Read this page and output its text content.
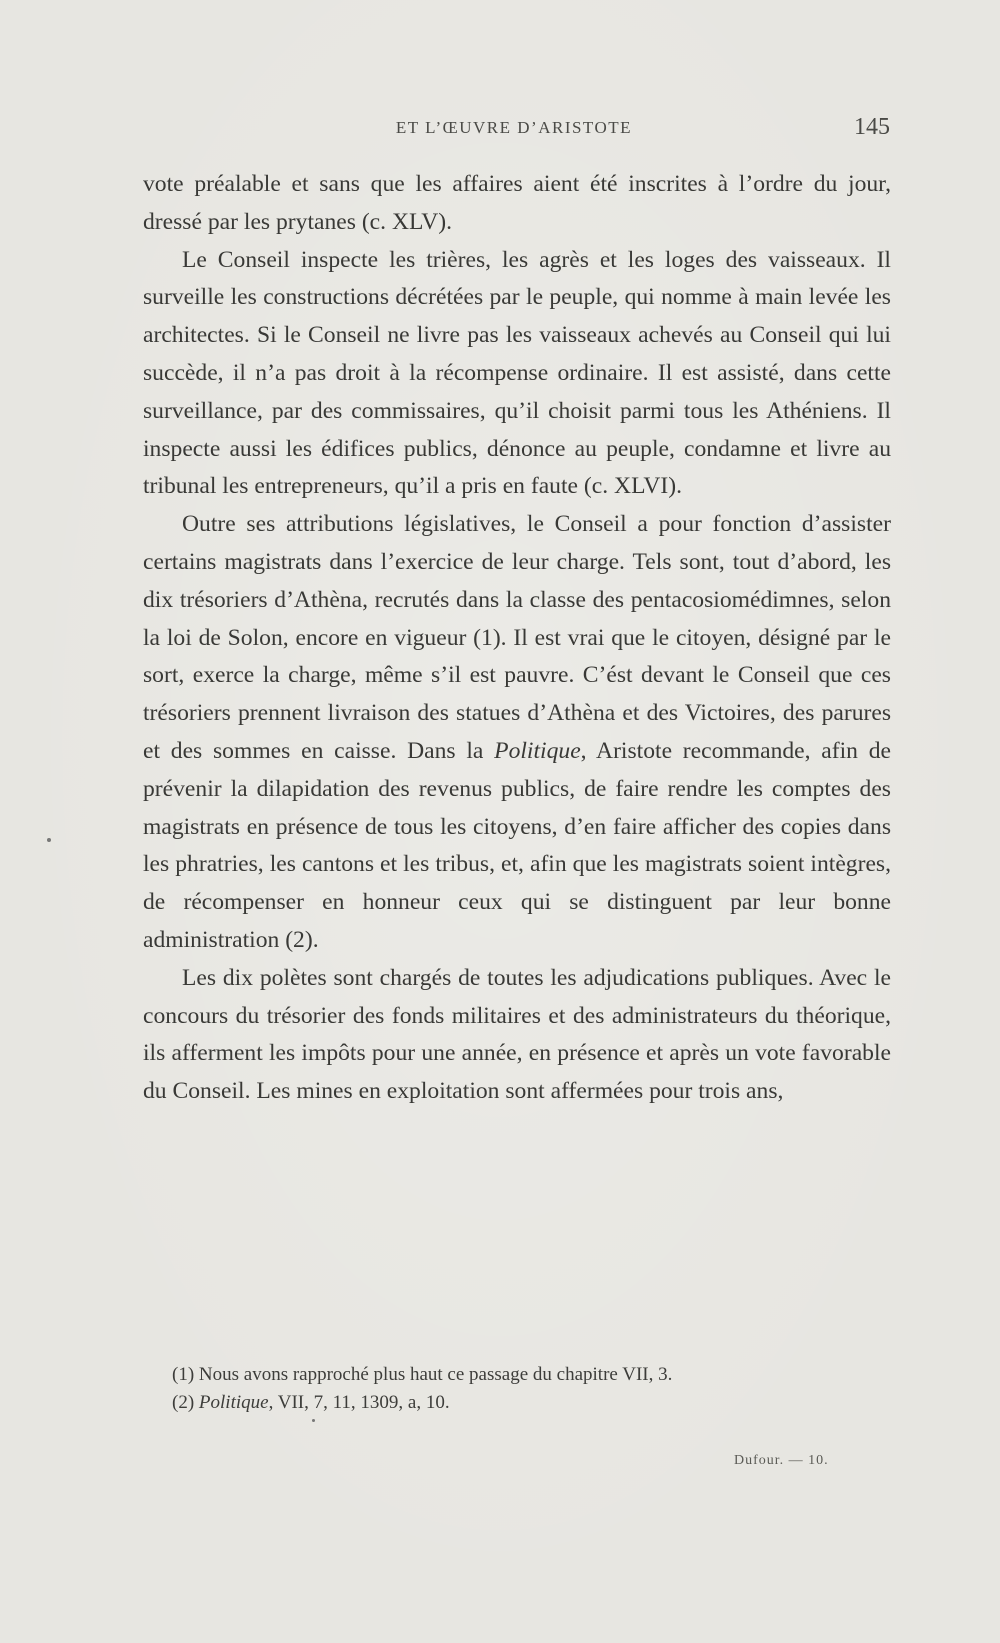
ET L’ŒUVRE D’ARISTOTE	145

vote préalable et sans que les affaires aient été inscrites à l’ordre du jour, dressé par les prytanes (c. XLV).

Le Conseil inspecte les trières, les agrès et les loges des vaisseaux. Il surveille les constructions décrétées par le peuple, qui nomme à main levée les architectes. Si le Conseil ne livre pas les vaisseaux achevés au Conseil qui lui succède, il n’a pas droit à la récompense ordinaire. Il est assisté, dans cette surveillance, par des commissaires, qu’il choisit parmi tous les Athéniens. Il inspecte aussi les édifices publics, dénonce au peuple, condamne et livre au tribunal les entrepreneurs, qu’il a pris en faute (c. XLVI).

Outre ses attributions législatives, le Conseil a pour fonction d’assister certains magistrats dans l’exercice de leur charge. Tels sont, tout d’abord, les dix trésoriers d’Athèna, recrutés dans la classe des pentacosiomédimnes, selon la loi de Solon, encore en vigueur (1). Il est vrai que le citoyen, désigné par le sort, exerce la charge, même s’il est pauvre. C’ést devant le Conseil que ces trésoriers prennent livraison des statues d’Athèna et des Victoires, des parures et des sommes en caisse. Dans la Politique, Aristote recommande, afin de prévenir la dilapidation des revenus publics, de faire rendre les comptes des magistrats en présence de tous les citoyens, d’en faire afficher des copies dans les phratries, les cantons et les tribus, et, afin que les magistrats soient intègres, de récompenser en honneur ceux qui se distinguent par leur bonne administration (2).

Les dix polètes sont chargés de toutes les adjudications publiques. Avec le concours du trésorier des fonds militaires et des administrateurs du théorique, ils afferment les impôts pour une année, en présence et après un vote favorable du Conseil. Les mines en exploitation sont affermées pour trois ans,

(1) Nous avons rapproché plus haut ce passage du chapitre VII, 3.
(2) Politique, VII, 7, 11, 1309, a, 10.
Dufour. — 10.
